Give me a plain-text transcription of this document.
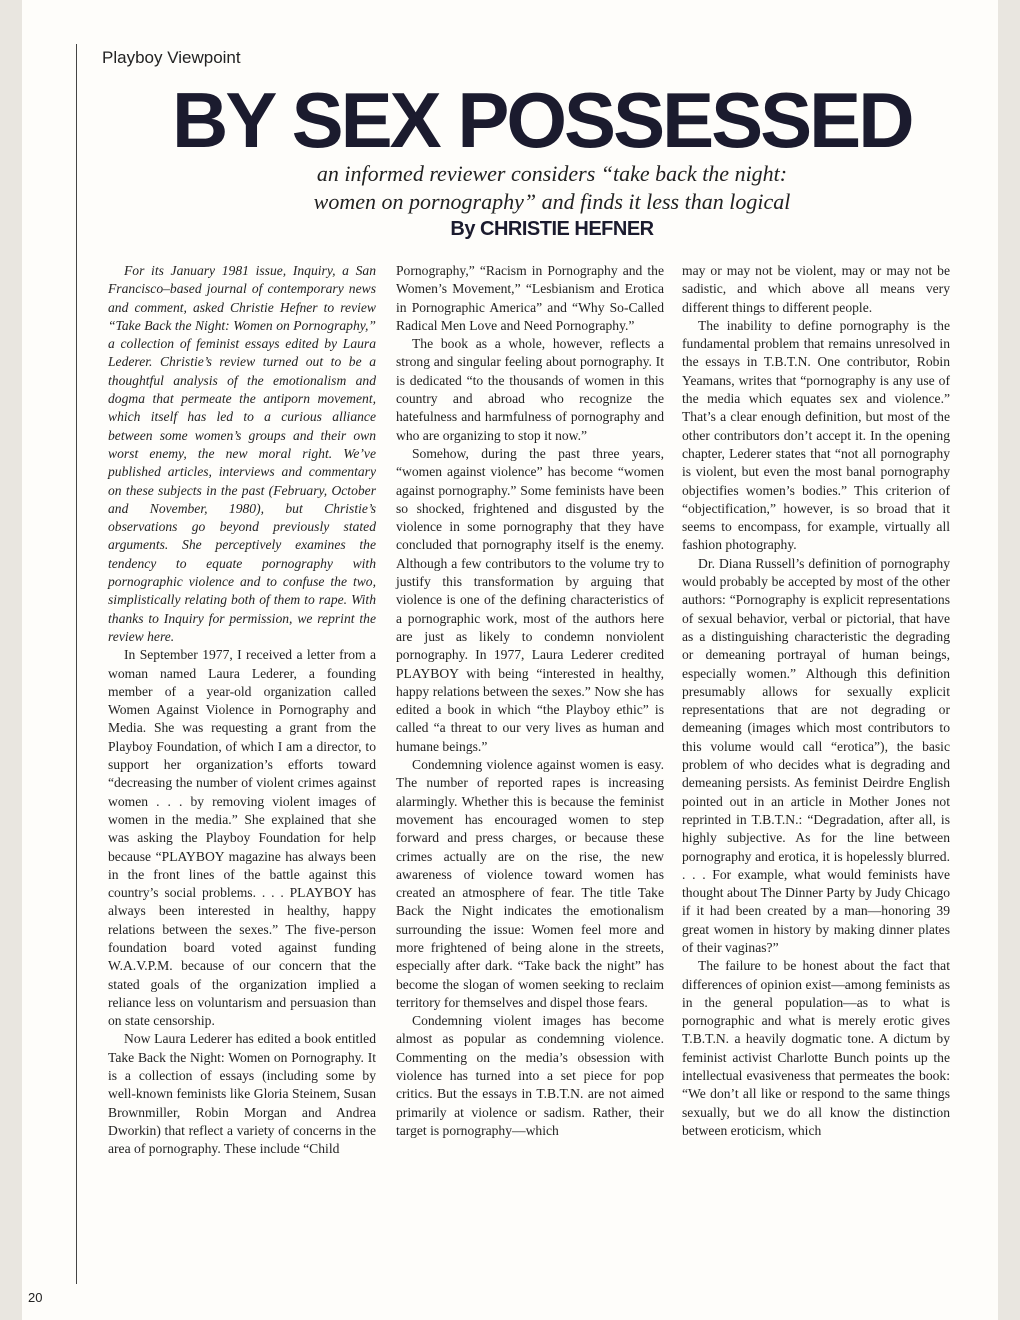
Playboy Viewpoint
BY SEX POSSESSED
an informed reviewer considers “take back the night:
women on pornography” and finds it less than logical
By CHRISTIE HEFNER

For its January 1981 issue, Inquiry, a San Francisco–based journal of contemporary news and comment, asked Christie Hefner to review “Take Back the Night: Women on Pornography,” a collection of feminist essays edited by Laura Lederer. Christie’s review turned out to be a thoughtful analysis of the emotionalism and dogma that permeate the antiporn movement, which itself has led to a curious alliance between some women’s groups and their own worst enemy, the new moral right. We’ve published articles, interviews and commentary on these subjects in the past (February, October and November, 1980), but Christie’s observations go beyond previously stated arguments. She perceptively examines the tendency to equate pornography with pornographic violence and to confuse the two, simplistically relating both of them to rape. With thanks to Inquiry for permission, we reprint the review here.

In September 1977, I received a letter from a woman named Laura Lederer, a founding member of a year-old organization called Women Against Violence in Pornography and Media. She was requesting a grant from the Playboy Foundation, of which I am a director, to support her organization’s efforts toward “decreasing the number of violent crimes against women . . . by removing violent images of women in the media.” She explained that she was asking the Playboy Foundation for help because “PLAYBOY magazine has always been in the front lines of the battle against this country’s social problems. . . . PLAYBOY has always been interested in healthy, happy relations between the sexes.” The five-person foundation board voted against funding W.A.V.P.M. because of our concern that the stated goals of the organization implied a reliance less on voluntarism and persuasion than on state censorship.

Now Laura Lederer has edited a book entitled Take Back the Night: Women on Pornography. It is a collection of essays (including some by well-known feminists like Gloria Steinem, Susan Brownmiller, Robin Morgan and Andrea Dworkin) that reflect a variety of concerns in the area of pornography. These include “Child

Pornography,” “Racism in Pornography and the Women’s Movement,” “Lesbianism and Erotica in Pornographic America” and “Why So-Called Radical Men Love and Need Pornography.”

The book as a whole, however, reflects a strong and singular feeling about pornography. It is dedicated “to the thousands of women in this country and abroad who recognize the hatefulness and harmfulness of pornography and who are organizing to stop it now.”

Somehow, during the past three years, “women against violence” has become “women against pornography.” Some feminists have been so shocked, frightened and disgusted by the violence in some pornography that they have concluded that pornography itself is the enemy. Although a few contributors to the volume try to justify this transformation by arguing that violence is one of the defining characteristics of a pornographic work, most of the authors here are just as likely to condemn nonviolent pornography. In 1977, Laura Lederer credited PLAYBOY with being “interested in healthy, happy relations between the sexes.” Now she has edited a book in which “the Playboy ethic” is called “a threat to our very lives as human and humane beings.”

Condemning violence against women is easy. The number of reported rapes is increasing alarmingly. Whether this is because the feminist movement has encouraged women to step forward and press charges, or because these crimes actually are on the rise, the new awareness of violence toward women has created an atmosphere of fear. The title Take Back the Night indicates the emotionalism surrounding the issue: Women feel more and more frightened of being alone in the streets, especially after dark. “Take back the night” has become the slogan of women seeking to reclaim territory for themselves and dispel those fears.

Condemning violent images has become almost as popular as condemning violence. Commenting on the media’s obsession with violence has turned into a set piece for pop critics. But the essays in T.B.T.N. are not aimed primarily at violence or sadism. Rather, their target is pornography—which

may or may not be violent, may or may not be sadistic, and which above all means very different things to different people.

The inability to define pornography is the fundamental problem that remains unresolved in the essays in T.B.T.N. One contributor, Robin Yeamans, writes that “pornography is any use of the media which equates sex and violence.” That’s a clear enough definition, but most of the other contributors don’t accept it. In the opening chapter, Lederer states that “not all pornography is violent, but even the most banal pornography objectifies women’s bodies.” This criterion of “objectification,” however, is so broad that it seems to encompass, for example, virtually all fashion photography.

Dr. Diana Russell’s definition of pornography would probably be accepted by most of the other authors: “Pornography is explicit representations of sexual behavior, verbal or pictorial, that have as a distinguishing characteristic the degrading or demeaning portrayal of human beings, especially women.” Although this definition presumably allows for sexually explicit representations that are not degrading or demeaning (images which most contributors to this volume would call “erotica”), the basic problem of who decides what is degrading and demeaning persists. As feminist Deirdre English pointed out in an article in Mother Jones not reprinted in T.B.T.N.: “Degradation, after all, is highly subjective. As for the line between pornography and erotica, it is hopelessly blurred. . . . For example, what would feminists have thought about The Dinner Party by Judy Chicago if it had been created by a man—honoring 39 great women in history by making dinner plates of their vaginas?”

The failure to be honest about the fact that differences of opinion exist—among feminists as in the general population—as to what is pornographic and what is merely erotic gives T.B.T.N. a heavily dogmatic tone. A dictum by feminist activist Charlotte Bunch points up the intellectual evasiveness that permeates the book: “We don’t all like or respond to the same things sexually, but we do all know the distinction between eroticism, which

20
